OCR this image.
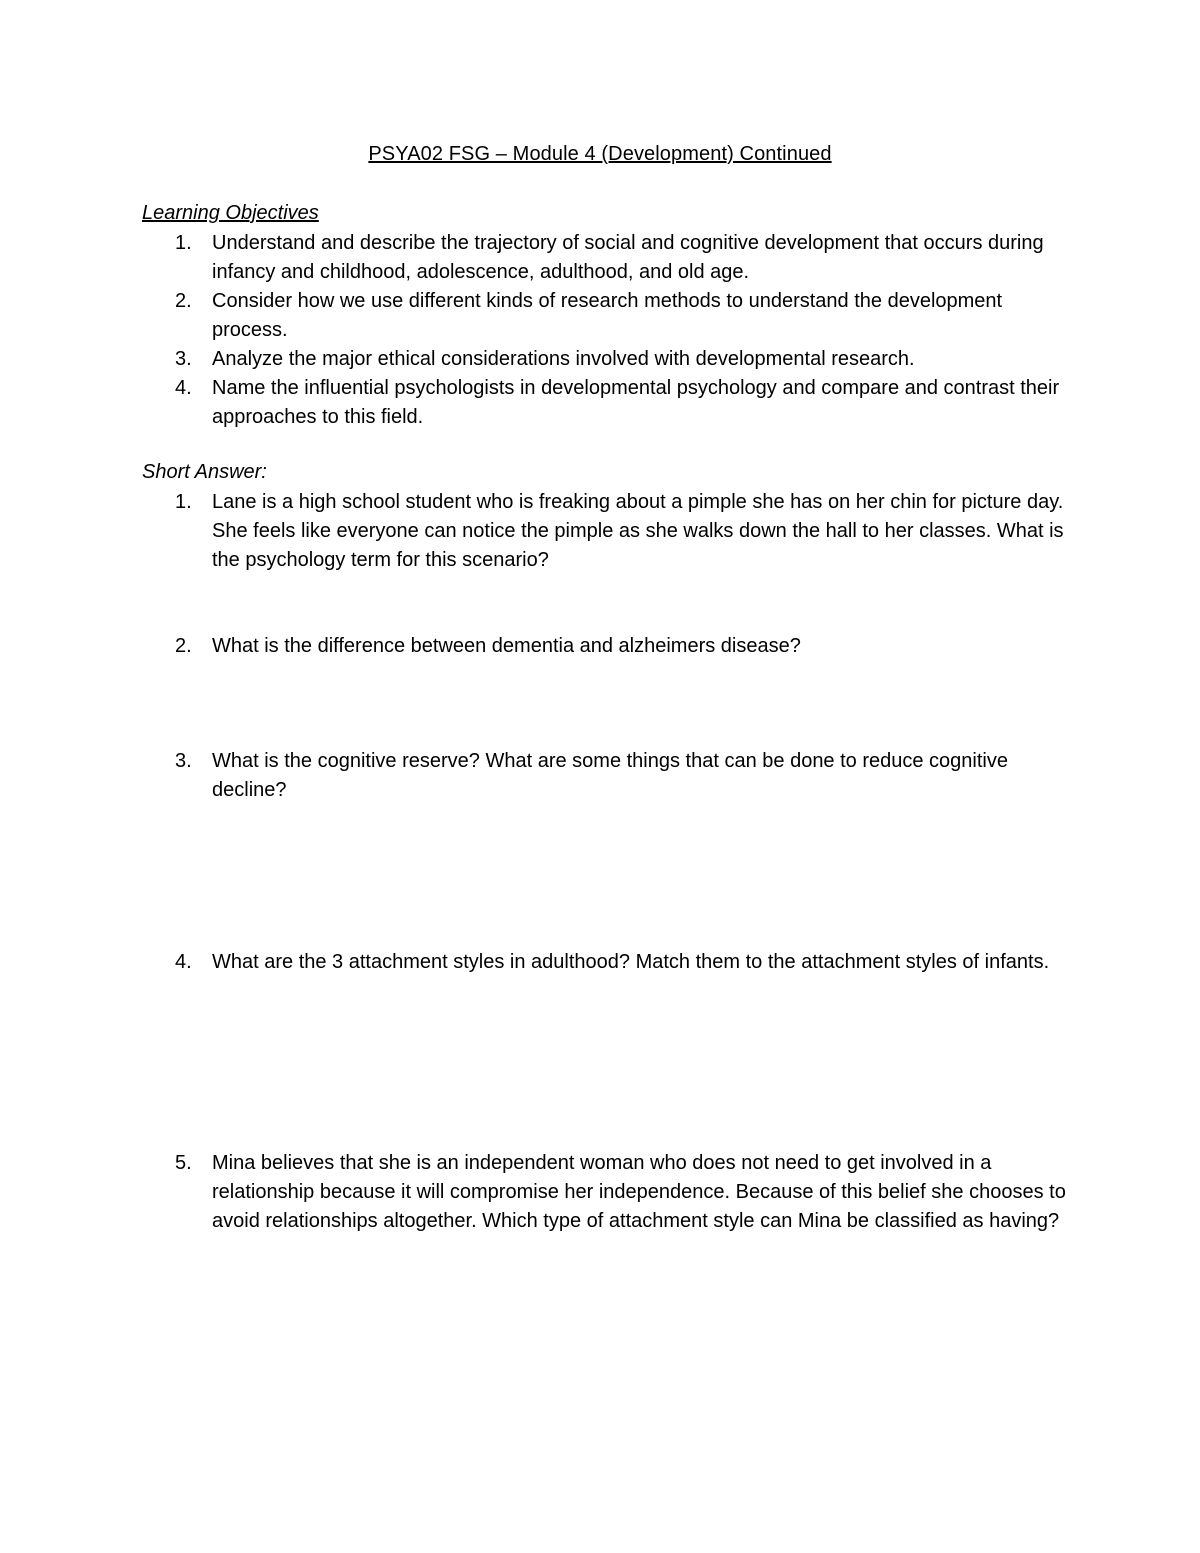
PSYA02 FSG – Module 4 (Development) Continued
Learning Objectives
1. Understand and describe the trajectory of social and cognitive development that occurs during infancy and childhood, adolescence, adulthood, and old age.
2. Consider how we use different kinds of research methods to understand the development process.
3. Analyze the major ethical considerations involved with developmental research.
4. Name the influential psychologists in developmental psychology and compare and contrast their approaches to this field.
Short Answer:
1. Lane is a high school student who is freaking about a pimple she has on her chin for picture day. She feels like everyone can notice the pimple as she walks down the hall to her classes. What is the psychology term for this scenario?
2. What is the difference between dementia and alzheimers disease?
3. What is the cognitive reserve? What are some things that can be done to reduce cognitive decline?
4. What are the 3 attachment styles in adulthood? Match them to the attachment styles of infants.
5. Mina believes that she is an independent woman who does not need to get involved in a relationship because it will compromise her independence. Because of this belief she chooses to avoid relationships altogether. Which type of attachment style can Mina be classified as having?
